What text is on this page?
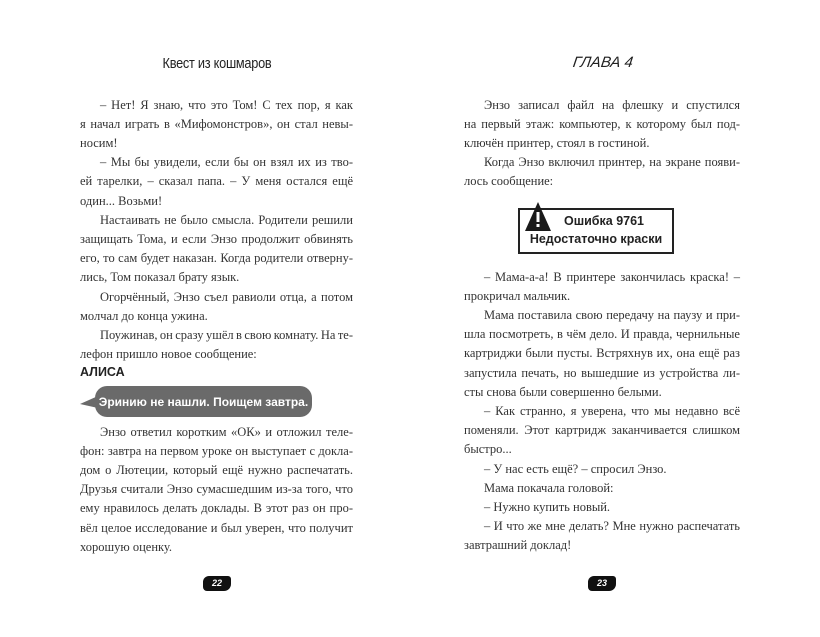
Квест из кошмаров
– Нет! Я знаю, что это Том! С тех пор, я как
я начал играть в «Мифомонстров», он стал невы-
носим!
– Мы бы увидели, если бы он взял их из тво-
ей тарелки, – сказал папа. – У меня остался ещё
один... Возьми!
Настаивать не было смысла. Родители решили
защищать Тома, и если Энзо продолжит обвинять
его, то сам будет наказан. Когда родители отверну-
лись, Том показал брату язык.
Огорчённый, Энзо съел равиоли отца, а потом
молчал до конца ужина.
Поужинав, он сразу ушёл в свою комнату. На те-
лефон пришло новое сообщение:
АЛИСА
Эринию не нашли. Поищем завтра.
Энзо ответил коротким «ОК» и отложил теле-
фон: завтра на первом уроке он выступает с докла-
дом о Лютеции, который ещё нужно распечатать.
Друзья считали Энзо сумасшедшим из-за того, что
ему нравилось делать доклады. В этот раз он про-
вёл целое исследование и был уверен, что получит
хорошую оценку.
22
ГЛАВА 4
Энзо записал файл на флешку и спустился
на первый этаж: компьютер, к которому был под-
ключён принтер, стоял в гостиной.
Когда Энзо включил принтер, на экране появи-
лось сообщение:
Ошибка 9761
Недостаточно краски
– Мама-а-а! В принтере закончилась краска! –
прокричал мальчик.
Мама поставила свою передачу на паузу и при-
шла посмотреть, в чём дело. И правда, чернильные
картриджи были пусты. Встряхнув их, она ещё раз
запустила печать, но вышедшие из устройства ли-
сты снова были совершенно белыми.
– Как странно, я уверена, что мы недавно всё
поменяли. Этот картридж заканчивается слишком
быстро...
– У нас есть ещё? – спросил Энзо.
Мама покачала головой:
– Нужно купить новый.
– И что же мне делать? Мне нужно распечатать
завтрашний доклад!
23
